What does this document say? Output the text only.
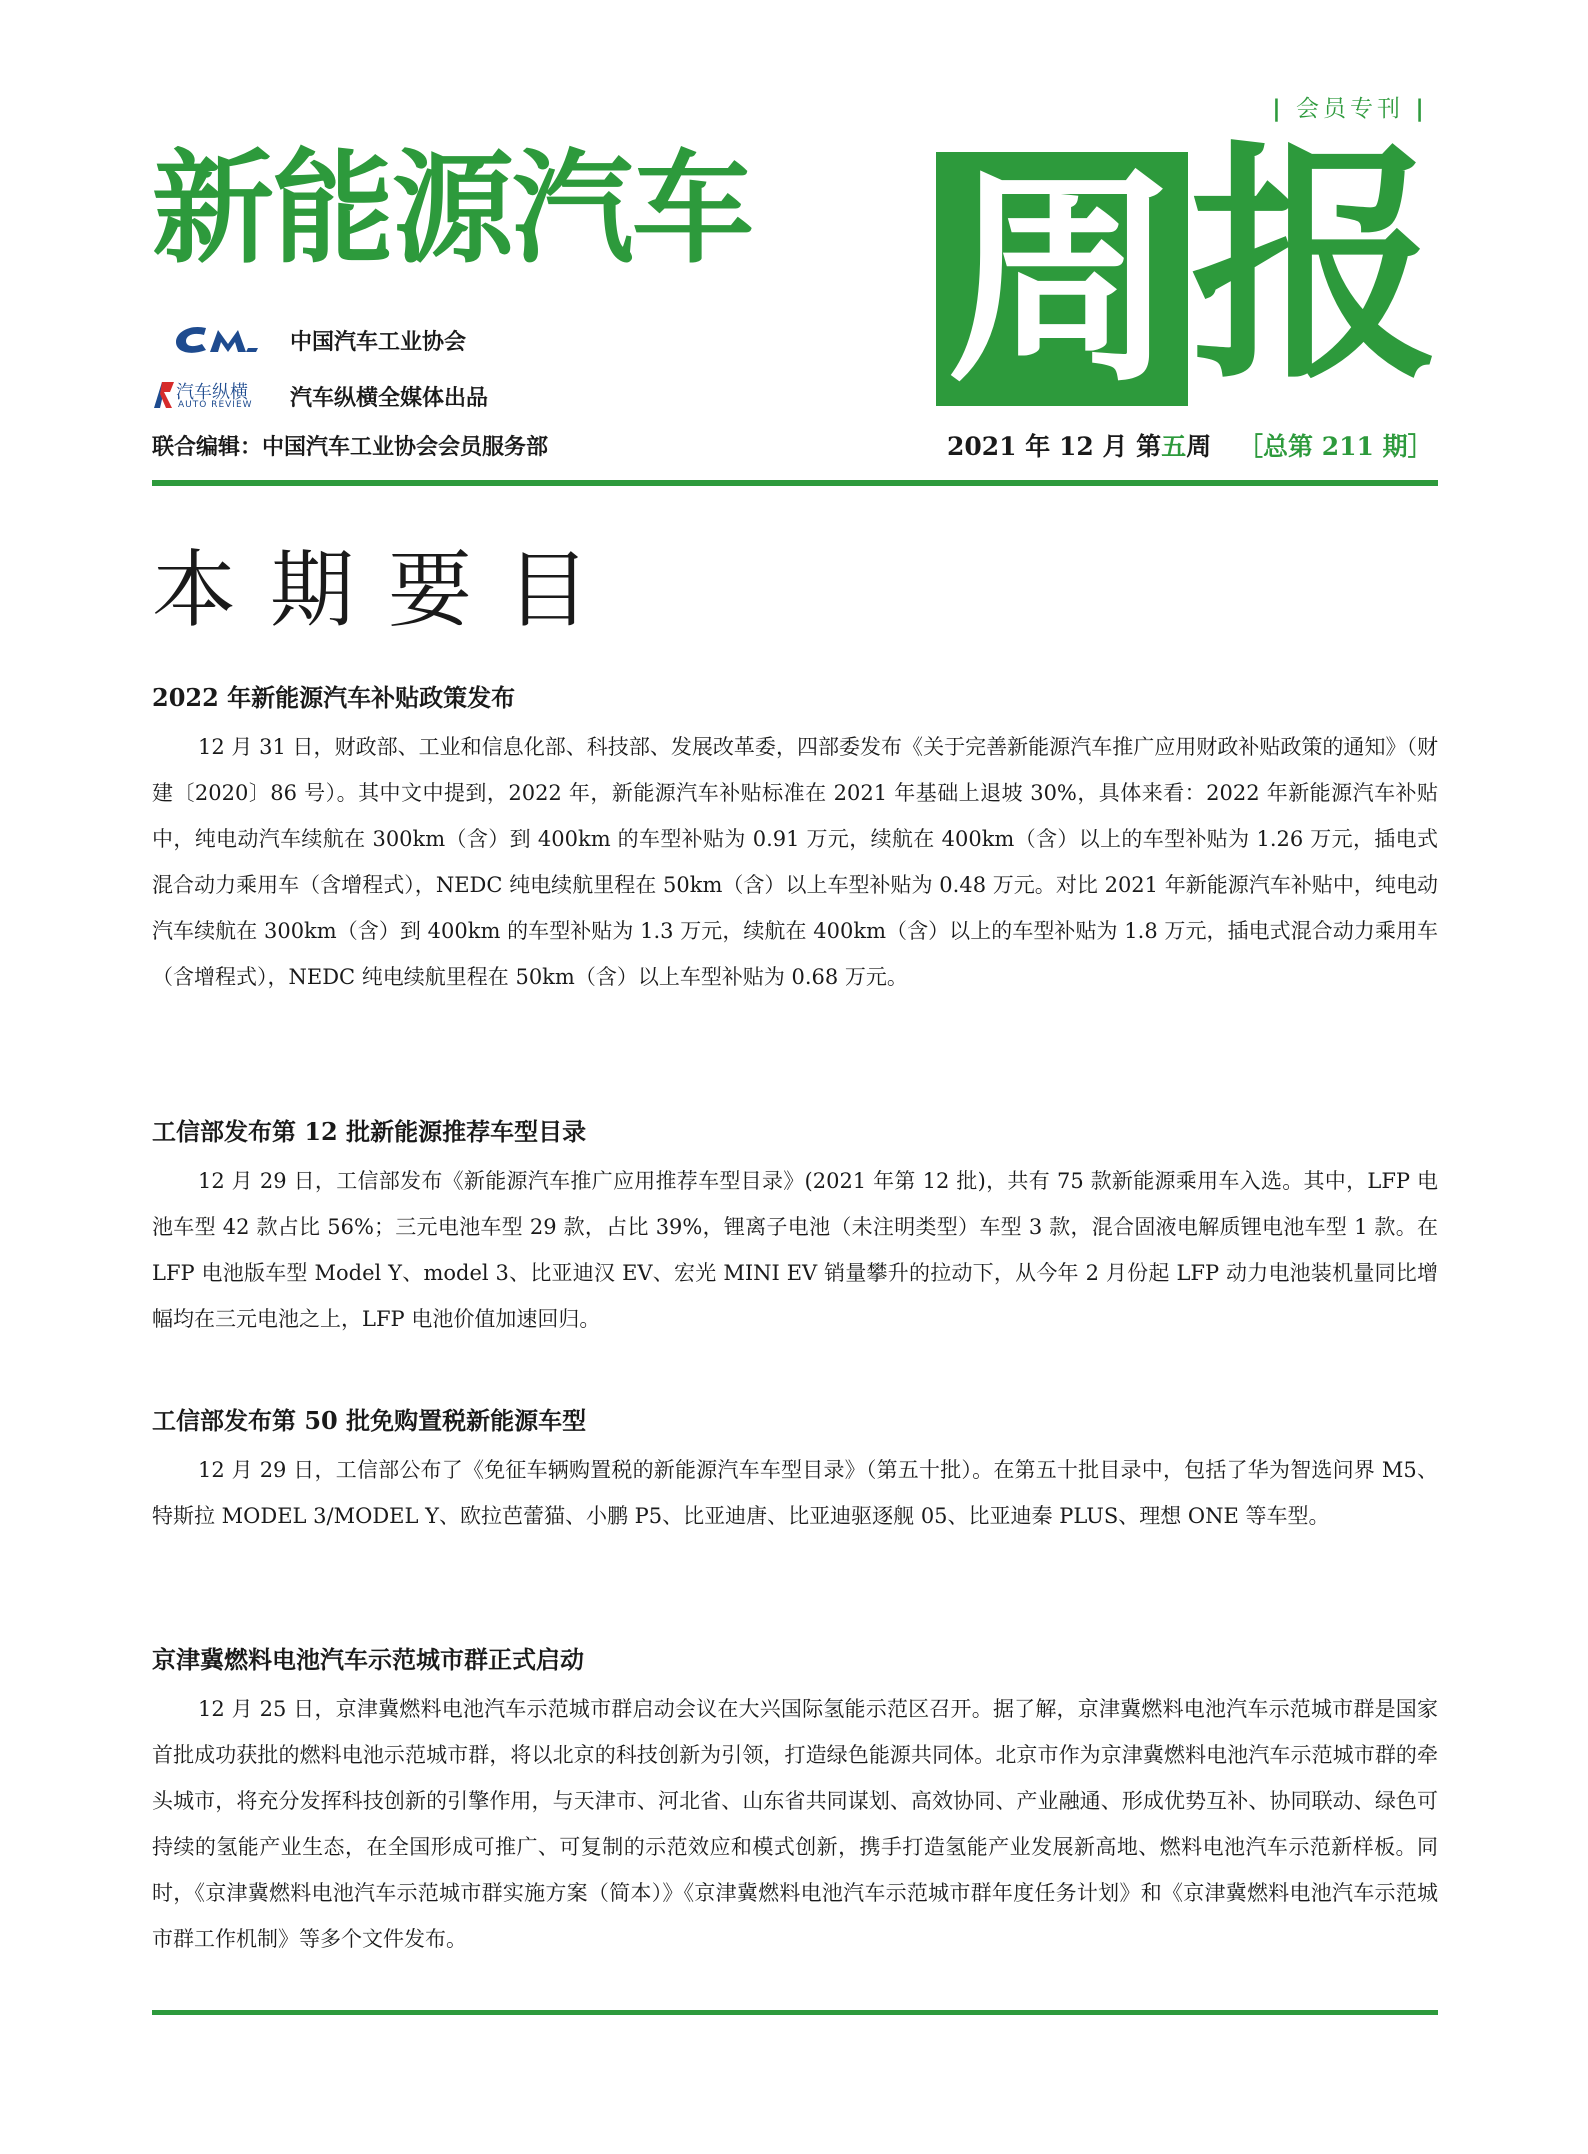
| 会员专刊 |
新能源汽车 周 报
中国汽车工业协会
汽车纵横
AUTO REVIEW 汽车纵横全媒体出品
联合编辑：中国汽车工业协会会员服务部	2021 年 12 月 第五周 ［总第 211 期］
本期要目
2022 年新能源汽车补贴政策发布

12 月 31 日，财政部、工业和信息化部、科技部、发展改革委，四部委发布《关于完善新能源汽车推广应用财政补贴政策的通知》（财建〔2020〕86 号）。其中文中提到，2022 年，新能源汽车补贴标准在 2021 年基础上退坡 30%，具体来看：2022 年新能源汽车补贴中，纯电动汽车续航在 300km（含）到 400km 的车型补贴为 0.91 万元，续航在 400km（含）以上的车型补贴为 1.26 万元，插电式混合动力乘用车（含增程式），NEDC 纯电续航里程在 50km（含）以上车型补贴为 0.48 万元。对比 2021 年新能源汽车补贴中，纯电动汽车续航在 300km（含）到 400km 的车型补贴为 1.3 万元，续航在 400km（含）以上的车型补贴为 1.8 万元，插电式混合动力乘用车（含增程式），NEDC 纯电续航里程在 50km（含）以上车型补贴为 0.68 万元。

工信部发布第 12 批新能源推荐车型目录

12 月 29 日，工信部发布《新能源汽车推广应用推荐车型目录》(2021 年第 12 批)，共有 75 款新能源乘用车入选。其中，LFP 电池车型 42 款占比 56%；三元电池车型 29 款，占比 39%，锂离子电池（未注明类型）车型 3 款，混合固液电解质锂电池车型 1 款。在 LFP 电池版车型 Model Y、model 3、比亚迪汉 EV、宏光 MINI EV 销量攀升的拉动下，从今年 2 月份起 LFP 动力电池装机量同比增幅均在三元电池之上，LFP 电池价值加速回归。

工信部发布第 50 批免购置税新能源车型

12 月 29 日，工信部公布了《免征车辆购置税的新能源汽车车型目录》（第五十批）。在第五十批目录中，包括了华为智选问界 M5、特斯拉 MODEL 3/MODEL Y、欧拉芭蕾猫、小鹏 P5、比亚迪唐、比亚迪驱逐舰 05、比亚迪秦 PLUS、理想 ONE 等车型。

京津冀燃料电池汽车示范城市群正式启动

12 月 25 日，京津冀燃料电池汽车示范城市群启动会议在大兴国际氢能示范区召开。据了解，京津冀燃料电池汽车示范城市群是国家首批成功获批的燃料电池示范城市群，将以北京的科技创新为引领，打造绿色能源共同体。北京市作为京津冀燃料电池汽车示范城市群的牵头城市，将充分发挥科技创新的引擎作用，与天津市、河北省、山东省共同谋划、高效协同、产业融通、形成优势互补、协同联动、绿色可持续的氢能产业生态，在全国形成可推广、可复制的示范效应和模式创新，携手打造氢能产业发展新高地、燃料电池汽车示范新样板。同时，《京津冀燃料电池汽车示范城市群实施方案（简本）》《京津冀燃料电池汽车示范城市群年度任务计划》和《京津冀燃料电池汽车示范城市群工作机制》等多个文件发布。
